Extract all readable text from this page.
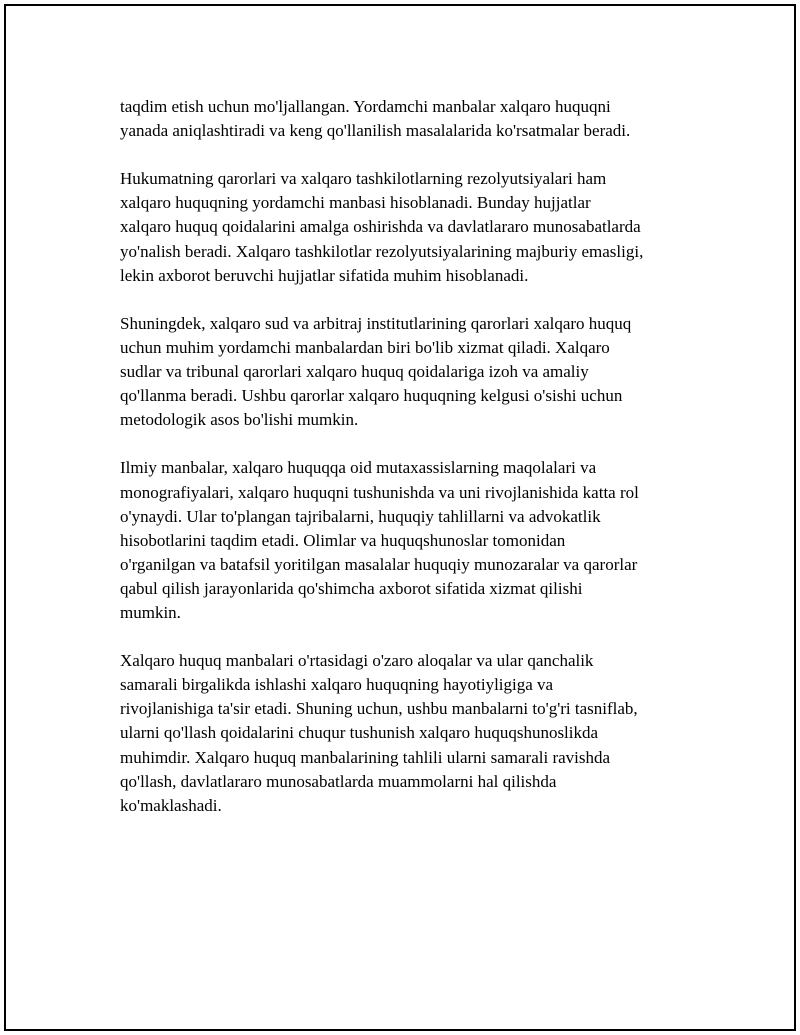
taqdim etish uchun mo'ljallangan. Yordamchi manbalar xalqaro huquqni
yanada aniqlashtiradi va keng qo'llanilish masalalarida ko'rsatmalar beradi.

Hukumatning qarorlari va xalqaro tashkilotlarning rezolyutsiyalari ham
xalqaro huquqning yordamchi manbasi hisoblanadi. Bunday hujjatlar
xalqaro huquq qoidalarini amalga oshirishda va davlatlararo munosabatlarda
yo'nalish beradi. Xalqaro tashkilotlar rezolyutsiyalarining majburiy emasligi,
lekin axborot beruvchi hujjatlar sifatida muhim hisoblanadi.

Shuningdek, xalqaro sud va arbitraj institutlarining qarorlari xalqaro huquq
uchun muhim yordamchi manbalardan biri bo'lib xizmat qiladi. Xalqaro
sudlar va tribunal qarorlari xalqaro huquq qoidalariga izoh va amaliy
qo'llanma beradi. Ushbu qarorlar xalqaro huquqning kelgusi o'sishi uchun
metodologik asos bo'lishi mumkin.

Ilmiy manbalar, xalqaro huquqqa oid mutaxassislarning maqolalari va
monografiyalari, xalqaro huquqni tushunishda va uni rivojlanishida katta rol
o'ynaydi. Ular to'plangan tajribalarni, huquqiy tahlillarni va advokatlik
hisobotlarini taqdim etadi. Olimlar va huquqshunoslar tomonidan
o'rganilgan va batafsil yoritilgan masalalar huquqiy munozaralar va qarorlar
qabul qilish jarayonlarida qo'shimcha axborot sifatida xizmat qilishi
mumkin.

Xalqaro huquq manbalari o'rtasidagi o'zaro aloqalar va ular qanchalik
samarali birgalikda ishlashi xalqaro huquqning hayotiyligiga va
rivojlanishiga ta'sir etadi. Shuning uchun, ushbu manbalarni to'g'ri tasniflab,
ularni qo'llash qoidalarini chuqur tushunish xalqaro huquqshunoslikda
muhimdir. Xalqaro huquq manbalarining tahlili ularni samarali ravishda
qo'llash, davlatlararo munosabatlarda muammolarni hal qilishda
ko'maklashadi.
